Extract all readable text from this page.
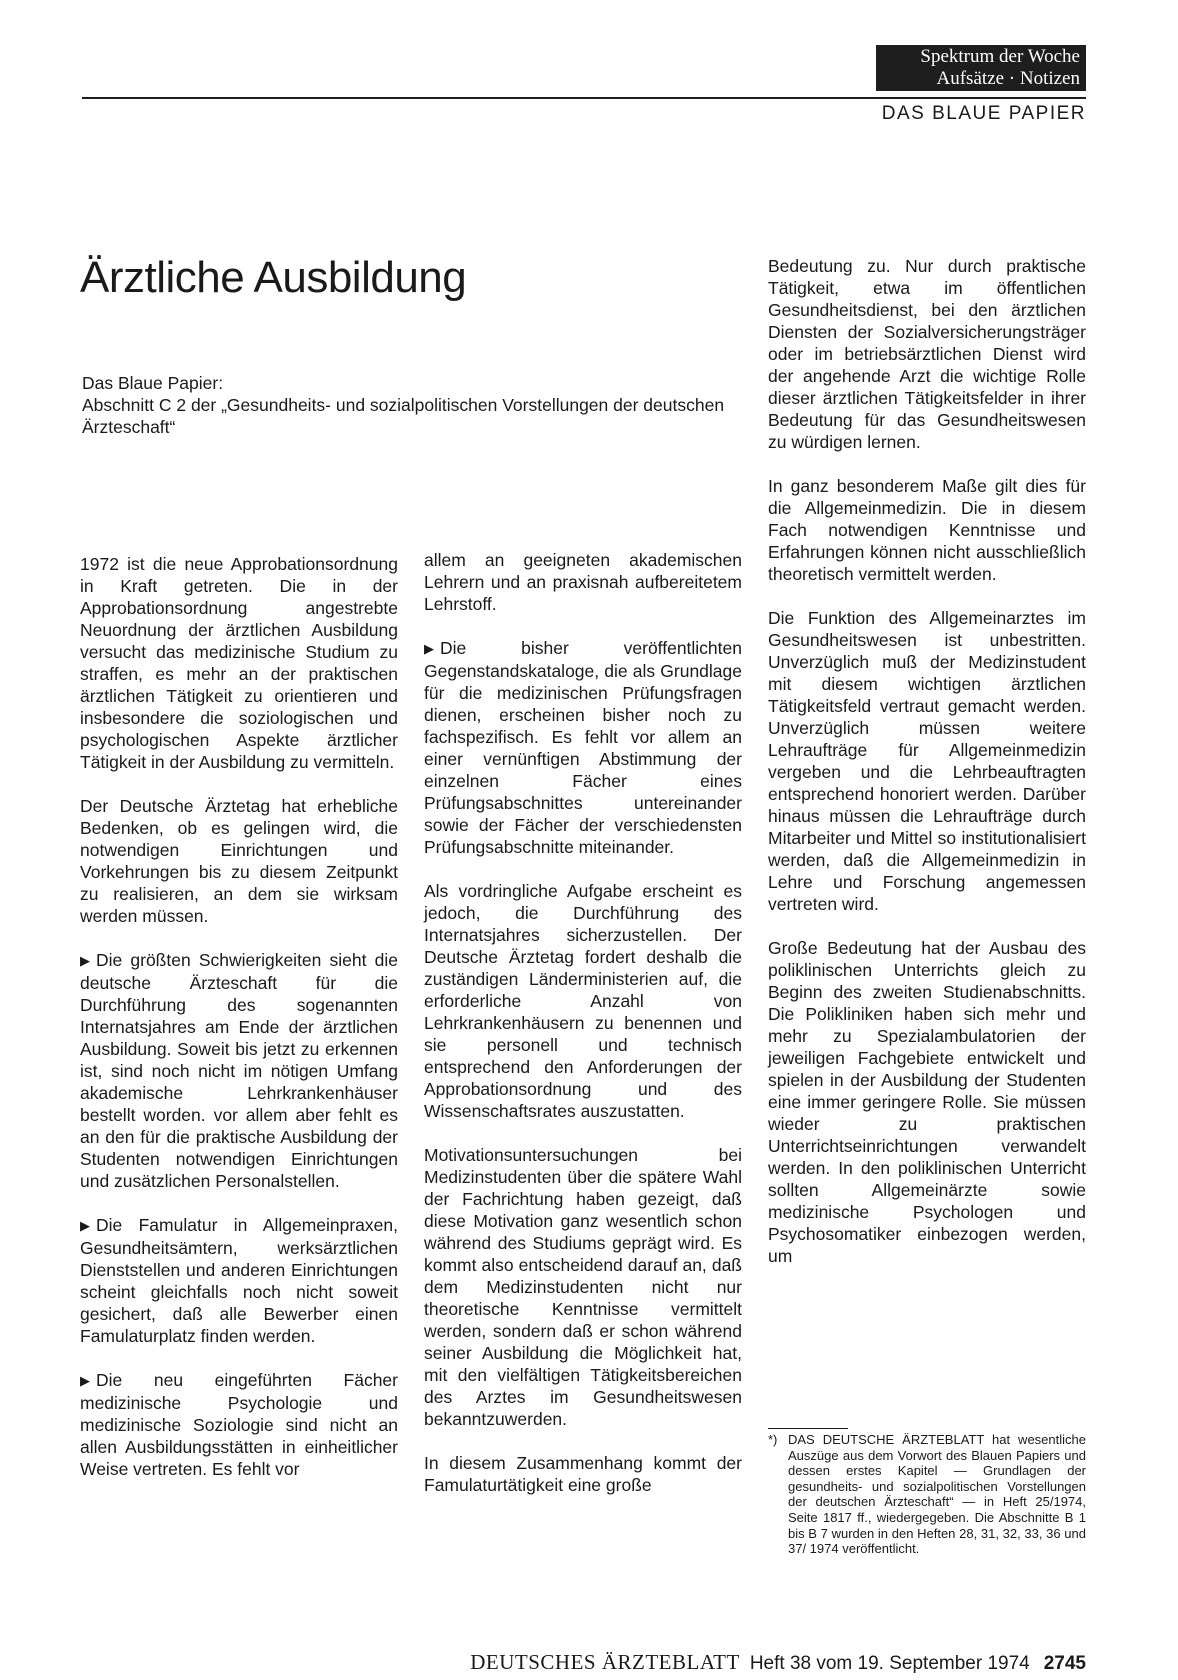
Spektrum der Woche
Aufsätze · Notizen
DAS BLAUE PAPIER
Ärztliche Ausbildung
Das Blaue Papier:
Abschnitt C 2 der „Gesundheits- und sozialpolitischen Vorstellungen der deutschen Ärzteschaft“

1972 ist die neue Approbationsordnung in Kraft getreten. Die in der Approbationsordnung angestrebte Neuordnung der ärztlichen Ausbildung versucht das medizinische Studium zu straffen, es mehr an der praktischen ärztlichen Tätigkeit zu orientieren und insbesondere die soziologischen und psychologischen Aspekte ärztlicher Tätigkeit in der Ausbildung zu vermitteln.

Der Deutsche Ärztetag hat erhebliche Bedenken, ob es gelingen wird, die notwendigen Einrichtungen und Vorkehrungen bis zu diesem Zeitpunkt zu realisieren, an dem sie wirksam werden müssen.

▶ Die größten Schwierigkeiten sieht die deutsche Ärzteschaft für die Durchführung des sogenannten Internatsjahres am Ende der ärztlichen Ausbildung. Soweit bis jetzt zu erkennen ist, sind noch nicht im nötigen Umfang akademische Lehrkrankenhäuser bestellt worden. vor allem aber fehlt es an den für die praktische Ausbildung der Studenten notwendigen Einrichtungen und zusätzlichen Personalstellen.

▶ Die Famulatur in Allgemeinpraxen, Gesundheitsämtern, werksärztlichen Dienststellen und anderen Einrichtungen scheint gleichfalls noch nicht soweit gesichert, daß alle Bewerber einen Famulaturplatz finden werden.

▶ Die neu eingeführten Fächer medizinische Psychologie und medizinische Soziologie sind nicht an allen Ausbildungsstätten in einheitlicher Weise vertreten. Es fehlt vor

allem an geeigneten akademischen Lehrern und an praxisnah aufbereitetem Lehrstoff.

▶ Die bisher veröffentlichten Gegenstandskataloge, die als Grundlage für die medizinischen Prüfungsfragen dienen, erscheinen bisher noch zu fachspezifisch. Es fehlt vor allem an einer vernünftigen Abstimmung der einzelnen Fächer eines Prüfungsabschnittes untereinander sowie der Fächer der verschiedensten Prüfungsabschnitte miteinander.

Als vordringliche Aufgabe erscheint es jedoch, die Durchführung des Internatsjahres sicherzustellen. Der Deutsche Ärztetag fordert deshalb die zuständigen Länderministerien auf, die erforderliche Anzahl von Lehrkrankenhäusern zu benennen und sie personell und technisch entsprechend den Anforderungen der Approbationsordnung und des Wissenschaftsrates auszustatten.

Motivationsuntersuchungen bei Medizinstudenten über die spätere Wahl der Fachrichtung haben gezeigt, daß diese Motivation ganz wesentlich schon während des Studiums geprägt wird. Es kommt also entscheidend darauf an, daß dem Medizinstudenten nicht nur theoretische Kenntnisse vermittelt werden, sondern daß er schon während seiner Ausbildung die Möglichkeit hat, mit den vielfältigen Tätigkeitsbereichen des Arztes im Gesundheitswesen bekanntzuwerden.

In diesem Zusammenhang kommt der Famulaturtätigkeit eine große

Bedeutung zu. Nur durch praktische Tätigkeit, etwa im öffentlichen Gesundheitsdienst, bei den ärztlichen Diensten der Sozialversicherungsträger oder im betriebsärztlichen Dienst wird der angehende Arzt die wichtige Rolle dieser ärztlichen Tätigkeitsfelder in ihrer Bedeutung für das Gesundheitswesen zu würdigen lernen.

In ganz besonderem Maße gilt dies für die Allgemeinmedizin. Die in diesem Fach notwendigen Kenntnisse und Erfahrungen können nicht ausschließlich theoretisch vermittelt werden.

Die Funktion des Allgemeinarztes im Gesundheitswesen ist unbestritten. Unverzüglich muß der Medizinstudent mit diesem wichtigen ärztlichen Tätigkeitsfeld vertraut gemacht werden. Unverzüglich müssen weitere Lehraufträge für Allgemeinmedizin vergeben und die Lehrbeauftragten entsprechend honoriert werden. Darüber hinaus müssen die Lehraufträge durch Mitarbeiter und Mittel so institutionalisiert werden, daß die Allgemeinmedizin in Lehre und Forschung angemessen vertreten wird.

Große Bedeutung hat der Ausbau des poliklinischen Unterrichts gleich zu Beginn des zweiten Studienabschnitts. Die Polikliniken haben sich mehr und mehr zu Spezialambulatorien der jeweiligen Fachgebiete entwickelt und spielen in der Ausbildung der Studenten eine immer geringere Rolle. Sie müssen wieder zu praktischen Unterrichtseinrichtungen verwandelt werden. In den poliklinischen Unterricht sollten Allgemeinärzte sowie medizinische Psychologen und Psychosomatiker einbezogen werden, um

*) DAS DEUTSCHE ÄRZTEBLATT hat wesentliche Auszüge aus dem Vorwort des Blauen Papiers und dessen erstes Kapitel — Grundlagen der gesundheits- und sozialpolitischen Vorstellungen der deutschen Ärzteschaft“ — in Heft 25/1974, Seite 1817 ff., wiedergegeben. Die Abschnitte B 1 bis B 7 wurden in den Heften 28, 31, 32, 33, 36 und 37/ 1974 veröffentlicht.
DEUTSCHES ÄRZTEBLATT Heft 38 vom 19. September 1974 2745
